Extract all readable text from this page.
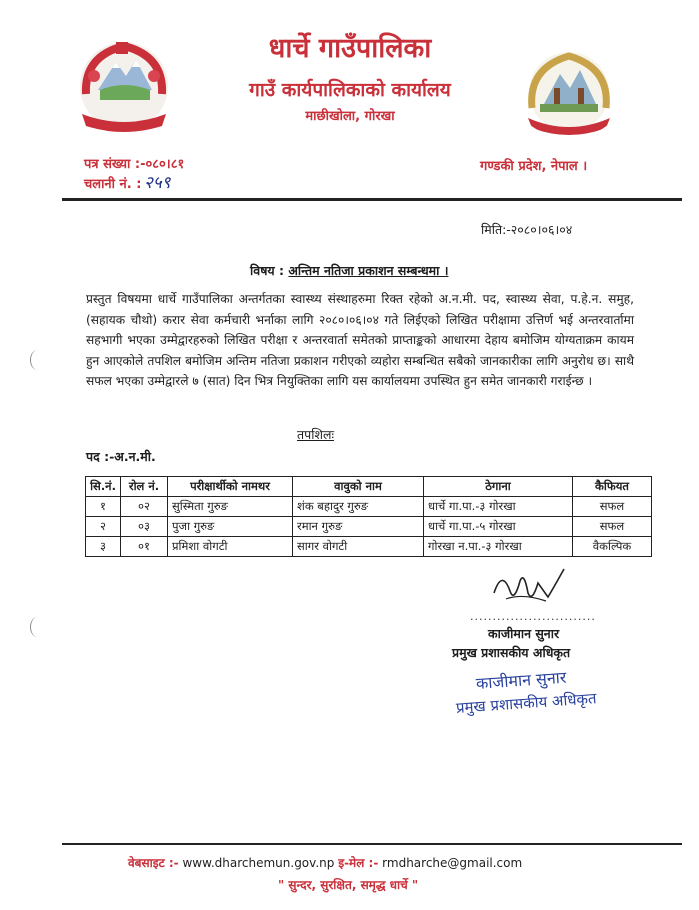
धार्चे गाउँपालिका
गाउँ कार्यपालिकाको कार्यालय
माछीखोला, गोरखा
पत्र संख्या :-०८०।८१
चलानी नं. : २५९
गण्डकी प्रदेश, नेपाल ।
मिति:-२०८०।०६।०४
विषय : अन्तिम नतिजा प्रकाशन सम्बन्धमा ।
प्रस्तुत विषयमा धार्चे गाउँपालिका अन्तर्गतका स्वास्थ्य संस्थाहरुमा रिक्त रहेको अ.न.मी. पद, स्वास्थ्य सेवा, प.हे.न. समुह, (सहायक चौथो) करार सेवा कर्मचारी भर्नाका लागि २०८०।०६।०४ गते लिईएको लिखित परीक्षामा उत्तिर्ण भई अन्तरवार्तामा सहभागी भएका उम्मेद्वारहरुको लिखित परीक्षा र अन्तरवार्ता समेतको प्राप्ताङ्कको आधारमा देहाय बमोजिम योग्यताक्रम कायम हुन आएकोले तपशिल बमोजिम अन्तिम नतिजा प्रकाशन गरीएको व्यहोरा सम्बन्धित सबैको जानकारीका लागि अनुरोध छ। साथै सफल भएका उम्मेद्वारले ७ (सात) दिन भित्र नियुक्तिका लागि यस कार्यालयमा उपस्थित हुन समेत जानकारी गराईन्छ ।
तपशिलः
पद :-अ.न.मी.
सि.नं.	रोल नं.	परीक्षार्थीको नामथर	वावुको नाम	ठेगाना	कैफियत
१	०२	सुस्मिता गुरुङ	शंक बहादुर गुरुङ	धार्चे गा.पा.-३ गोरखा	सफल
२	०३	पुजा गुरुङ	रमान गुरुङ	धार्चे गा.पा.-५ गोरखा	सफल
३	०१	प्रमिशा वोगटी	सागर वोगटी	गोरखा न.पा.-३ गोरखा	वैकल्पिक
............................
काजीमान सुनार
प्रमुख प्रशासकीय अधिकृत
काजीमान सुनार
प्रमुख प्रशासकीय अधिकृत
वेबसाइट :- www.dharchemun.gov.np इ-मेल :- rmdharche@gmail.com
" सुन्दर, सुरक्षित, समृद्ध धार्चे "
